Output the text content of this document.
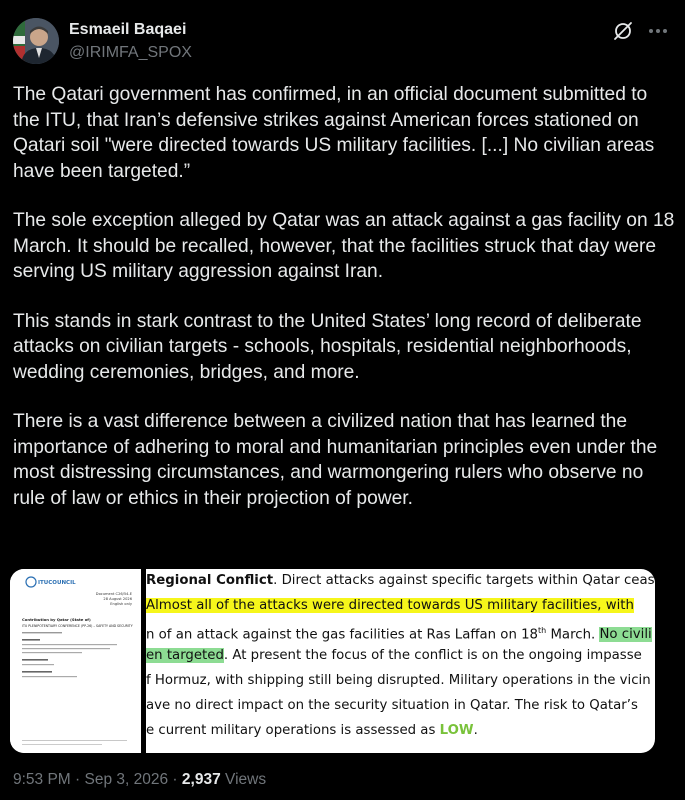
Esmaeil Baqaei
@IRIMFA_SPOX

The Qatari government has confirmed, in an official document submitted to the ITU, that Iran’s defensive strikes against American forces stationed on Qatari soil "were directed towards US military facilities. [...] No civilian areas have been targeted.”

The sole exception alleged by Qatar was an attack against a gas facility on 18 March. It should be recalled, however, that the facilities struck that day were serving US military aggression against Iran.

This stands in stark contrast to the United States’ long record of deliberate attacks on civilian targets - schools, hospitals, residential neighborhoods, wedding ceremonies, bridges, and more.

There is a vast difference between a civilized nation that has learned the importance of adhering to moral and humanitarian principles even under the most distressing circumstances, and warmongering rulers who observe no rule of law or ethics in their projection of power.

ITUCOUNCIL
Document C26/54-E
28 August 2026
English only
Contribution by Qatar (State of)
ITU PLENIPOTENTIARY CONFERENCE (PP-26) – SAFETY AND SECURITY
Regional Conflict. Direct attacks against specific targets within Qatar ceas
Almost all of the attacks were directed towards US military facilities, with
n of an attack against the gas facilities at Ras Laffan on 18th March. No civili
en targeted. At present the focus of the conflict is on the ongoing impasse
f Hormuz, with shipping still being disrupted. Military operations in the vicin
ave no direct impact on the security situation in Qatar. The risk to Qatar’s
e current military operations is assessed as LOW.
9:53 PM · Sep 3, 2026 · 2,937 Views
